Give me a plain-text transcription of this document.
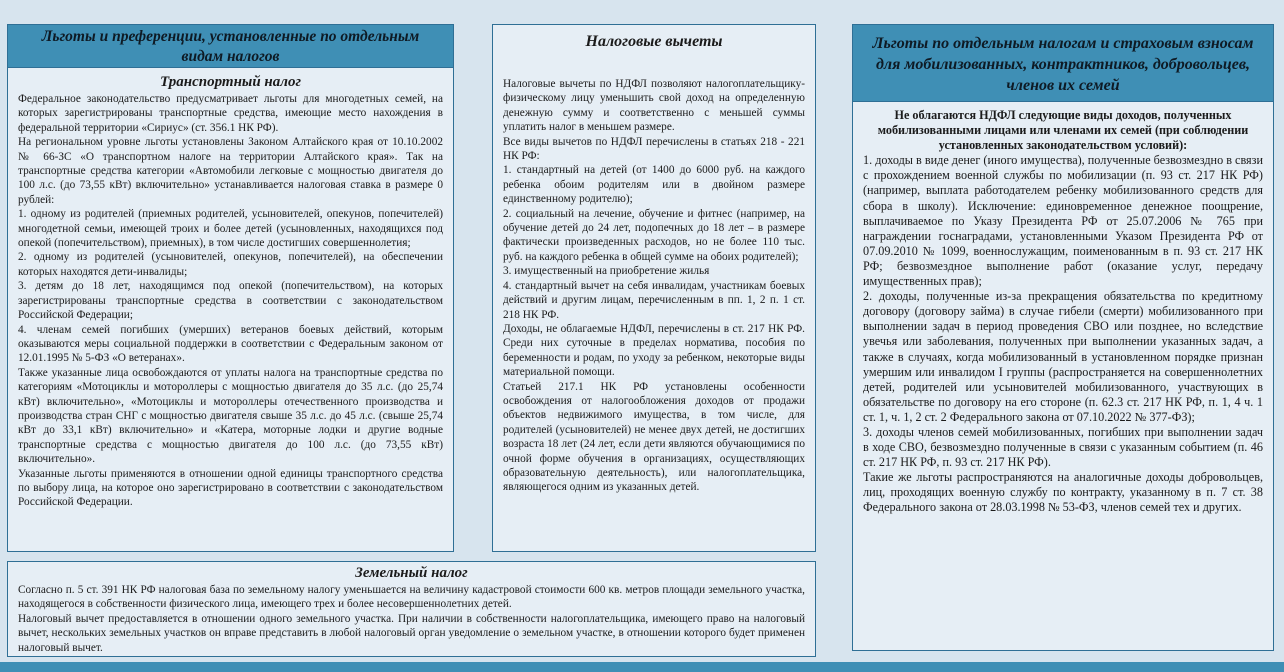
Льготы и преференции, установленные по отдельным видам налогов
Транспортный налог

Федеральное законодательство предусматривает льготы для многодетных семей, на которых зарегистрированы транспортные средства, имеющие место нахождения в федеральной территории «Сириус» (ст. 356.1 НК РФ).

На региональном уровне льготы установлены Законом Алтайского края от 10.10.2002 № 66-ЗС «О транспортном налоге на территории Алтайского края». Так на транспортные средства категории «Автомобили легковые с мощностью двигателя до 100 л.с. (до 73,55 кВт) включительно» устанавливается налоговая ставка в размере 0 рублей:

1. одному из родителей (приемных родителей, усыновителей, опекунов, попечителей) многодетной семьи, имеющей троих и более детей (усыновленных, находящихся под опекой (попечительством), приемных), в том числе достигших совершеннолетия;

2. одному из родителей (усыновителей, опекунов, попечителей), на обеспечении которых находятся дети-инвалиды;

3. детям до 18 лет, находящимся под опекой (попечительством), на которых зарегистрированы транспортные средства в соответствии с законодательством Российской Федерации;

4. членам семей погибших (умерших) ветеранов боевых действий, которым оказываются меры социальной поддержки в соответствии с Федеральным законом от 12.01.1995 № 5-ФЗ «О ветеранах».

Также указанные лица освобождаются от уплаты налога на транспортные средства по категориям «Мотоциклы и мотороллеры с мощностью двигателя до 35 л.с. (до 25,74 кВт) включительно», «Мотоциклы и мотороллеры отечественного производства и производства стран СНГ с мощностью двигателя свыше 35 л.с. до 45 л.с. (свыше 25,74 кВт до 33,1 кВт) включительно» и «Катера, моторные лодки и другие водные транспортные средства с мощностью двигателя до 100 л.с. (до 73,55 кВт) включительно».

Указанные льготы применяются в отношении одной единицы транспортного средства по выбору лица, на которое оно зарегистрировано в соответствии с законодательством Российской Федерации.

Земельный налог

Согласно п. 5 ст. 391 НК РФ налоговая база по земельному налогу уменьшается на величину кадастровой стоимости 600 кв. метров площади земельного участка, находящегося в собственности физического лица, имеющего трех и более несовершеннолетних детей.

Налоговый вычет предоставляется в отношении одного земельного участка. При наличии в собственности налогоплательщика, имеющего право на налоговый вычет, нескольких земельных участков он вправе представить в любой налоговый орган уведомление о земельном участке, в отношении которого будет применен налоговый вычет.

Налоговые вычеты

Налоговые вычеты по НДФЛ позволяют налогоплательщику-физическому лицу уменьшить свой доход на определенную денежную сумму и соответственно с меньшей суммы уплатить налог в меньшем размере.

Все виды вычетов по НДФЛ перечислены в статьях 218 - 221 НК РФ:

1. стандартный на детей (от 1400 до 6000 руб. на каждого ребенка обоим родителям или в двойном размере единственному родителю);

2. социальный на лечение, обучение и фитнес (например, на обучение детей до 24 лет, подопечных до 18 лет – в размере фактически произведенных расходов, но не более 110 тыс. руб. на каждого ребенка в общей сумме на обоих родителей);

3. имущественный на приобретение жилья

4. стандартный вычет на себя инвалидам, участникам боевых действий и другим лицам, перечисленным в пп. 1, 2 п. 1 ст. 218 НК РФ.

Доходы, не облагаемые НДФЛ, перечислены в ст. 217 НК РФ. Среди них суточные в пределах норматива, пособия по беременности и родам, по уходу за ребенком, некоторые виды материальной помощи.

Статьей 217.1 НК РФ установлены особенности освобождения от налогообложения доходов от продажи объектов недвижимого имущества, в том числе, для родителей (усыновителей) не менее двух детей, не достигших возраста 18 лет (24 лет, если дети являются обучающимися по очной форме обучения в организациях, осуществляющих образовательную деятельность), или налогоплательщика, являющегося одним из указанных детей.

Льготы по отдельным налогам и страховым взносам для мобилизованных, контрактников, добровольцев, членов их семей

Не облагаются НДФЛ следующие виды доходов, полученных мобилизованными лицами или членами их семей (при соблюдении установленных законодательством условий):

1. доходы в виде денег (иного имущества), полученные безвозмездно в связи с прохождением военной службы по мобилизации (п. 93 ст. 217 НК РФ) (например, выплата работодателем ребенку мобилизованного средств для сбора в школу). Исключение: единовременное денежное поощрение, выплачиваемое по Указу Президента РФ от 25.07.2006 № 765 при награждении госнаградами, установленными Указом Президента РФ от 07.09.2010 № 1099, военнослужащим, поименованным в п. 93 ст. 217 НК РФ; безвозмездное выполнение работ (оказание услуг, передачу имущественных прав);

2. доходы, полученные из-за прекращения обязательства по кредитному договору (договору займа) в случае гибели (смерти) мобилизованного при выполнении задач в период проведения СВО или позднее, но вследствие увечья или заболевания, полученных при выполнении указанных задач, а также в случаях, когда мобилизованный в установленном порядке признан умершим или инвалидом I группы (распространяется на совершеннолетних детей, родителей или усыновителей мобилизованного, участвующих в обязательстве по договору на его стороне (п. 62.3 ст. 217 НК РФ, п. 1, 4 ч. 1 ст. 1, ч. 1, 2 ст. 2 Федерального закона от 07.10.2022 № 377-ФЗ);

3. доходы членов семей мобилизованных, погибших при выполнении задач в ходе СВО, безвозмездно полученные в связи с указанным событием (п. 46 ст. 217 НК РФ, п. 93 ст. 217 НК РФ).

Такие же льготы распространяются на аналогичные доходы добровольцев, лиц, проходящих военную службу по контракту, указанному в п. 7 ст. 38 Федерального закона от 28.03.1998 № 53-ФЗ, членов семей тех и других.
